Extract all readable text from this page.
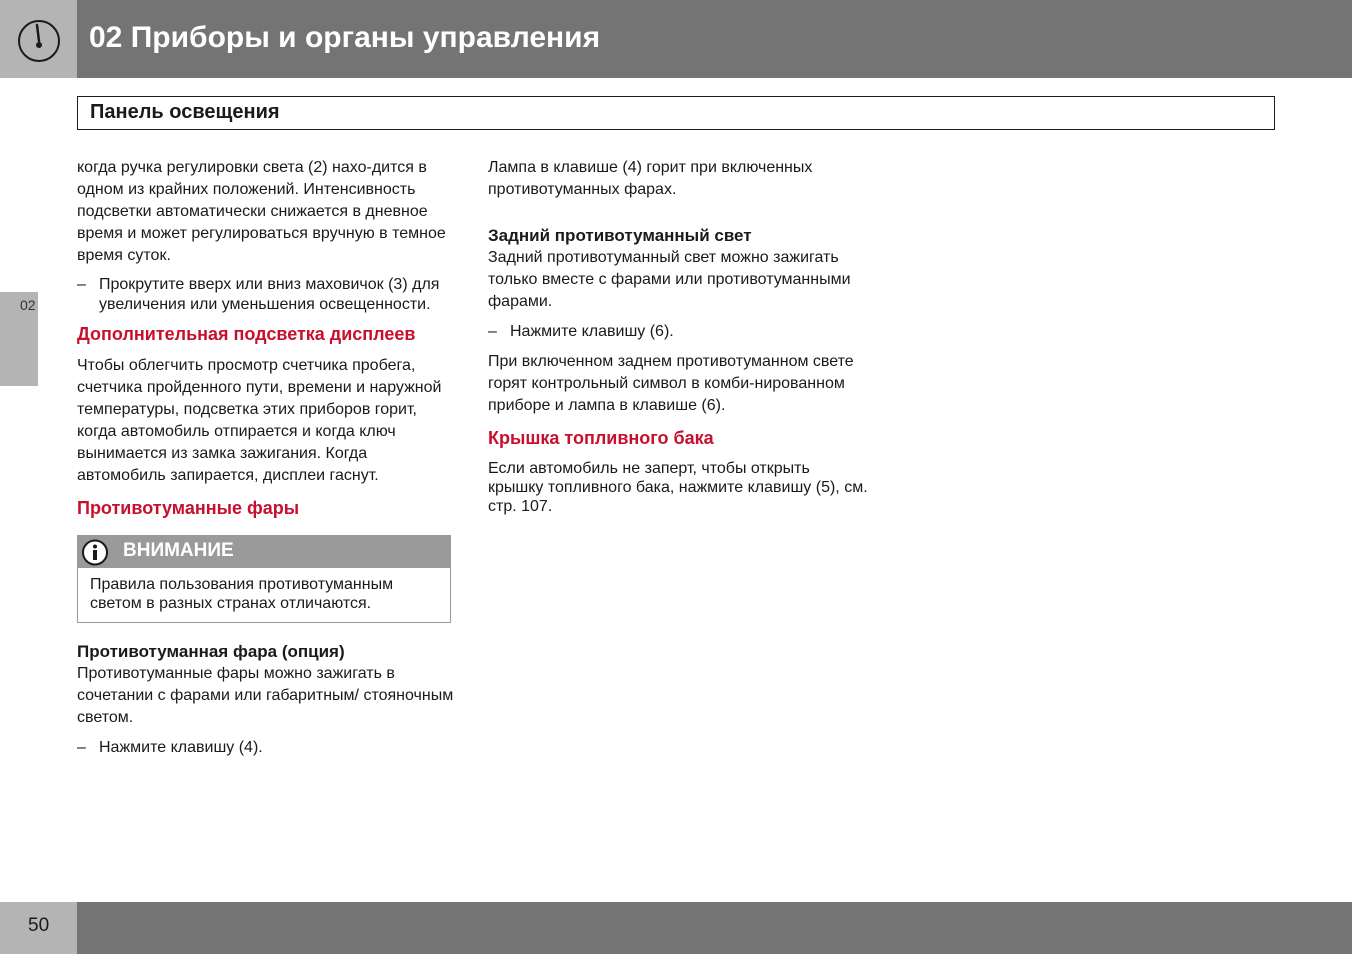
02 Приборы и органы управления
Панель освещения
02

когда ручка регулировки света (2) нахо-дится в одном из крайних положений. Интенсивность подсветки автоматически снижается в дневное время и может регулироваться вручную в темное время суток.

– Прокрутите вверх или вниз маховичок (3) для увеличения или уменьшения освещенности.
Дополнительная подсветка дисплеев

Чтобы облегчить просмотр счетчика пробега, счетчика пройденного пути, времени и наружной температуры, подсветка этих приборов горит, когда автомобиль отпирается и когда ключ вынимается из замка зажигания. Когда автомобиль запирается, дисплеи гаснут.

Противотуманные фары
ВНИМАНИЕ
Правила пользования противотуманным светом в разных странах отличаются.
Противотуманная фара (опция)

Противотуманные фары можно зажигать в сочетании с фарами или габаритным/ стояночным светом.

– Нажмите клавишу (4).

Лампа в клавише (4) горит при включенных противотуманных фарах.

Задний противотуманный свет

Задний противотуманный свет можно зажигать только вместе с фарами или противотуманными фарами.

– Нажмите клавишу (6).

При включенном заднем противотуманном свете горят контрольный символ в комби-нированном приборе и лампа в клавише (6).

Крышка топливного бака

Если автомобиль не заперт, чтобы открыть крышку топливного бака, нажмите клавишу (5), см. стр. 107.

50
